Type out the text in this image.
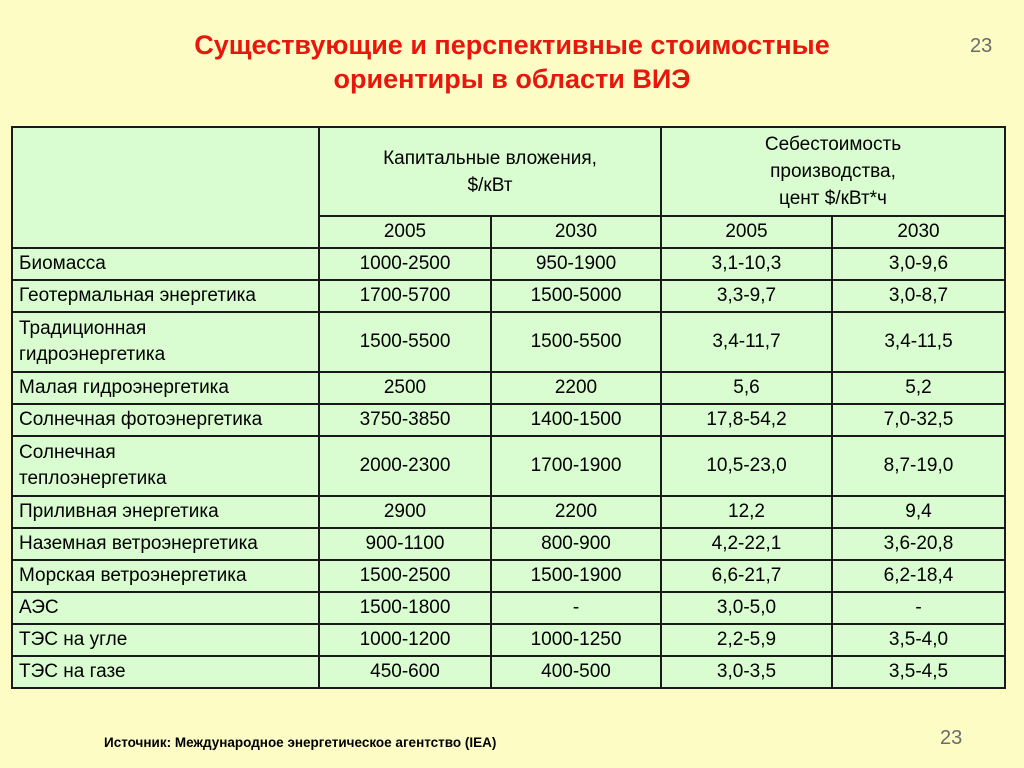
Существующие и перспективные стоимостные
ориентиры в области ВИЭ
23
	Капитальные вложения,
$/кВт		Себестоимость
производства,
цент $/кВт*ч	
	2005	2030	2005	2030
Биомасса	1000-2500	950-1900	3,1-10,3	3,0-9,6
Геотермальная энергетика	1700-5700	1500-5000	3,3-9,7	3,0-8,7
Традиционная
гидроэнергетика	1500-5500	1500-5500	3,4-11,7	3,4-11,5
Малая гидроэнергетика	2500	2200	5,6	5,2
Солнечная фотоэнергетика	3750-3850	1400-1500	17,8-54,2	7,0-32,5
Солнечная
теплоэнергетика	2000-2300	1700-1900	10,5-23,0	8,7-19,0
Приливная энергетика	2900	2200	12,2	9,4
Наземная ветроэнергетика	900-1100	800-900	4,2-22,1	3,6-20,8
Морская ветроэнергетика	1500-2500	1500-1900	6,6-21,7	6,2-18,4
АЭС	1500-1800	-	3,0-5,0	-
ТЭС на угле	1000-1200	1000-1250	2,2-5,9	3,5-4,0
ТЭС на газе	450-600	400-500	3,0-3,5	3,5-4,5
Источник: Международное энергетическое агентство (IEA)	23
